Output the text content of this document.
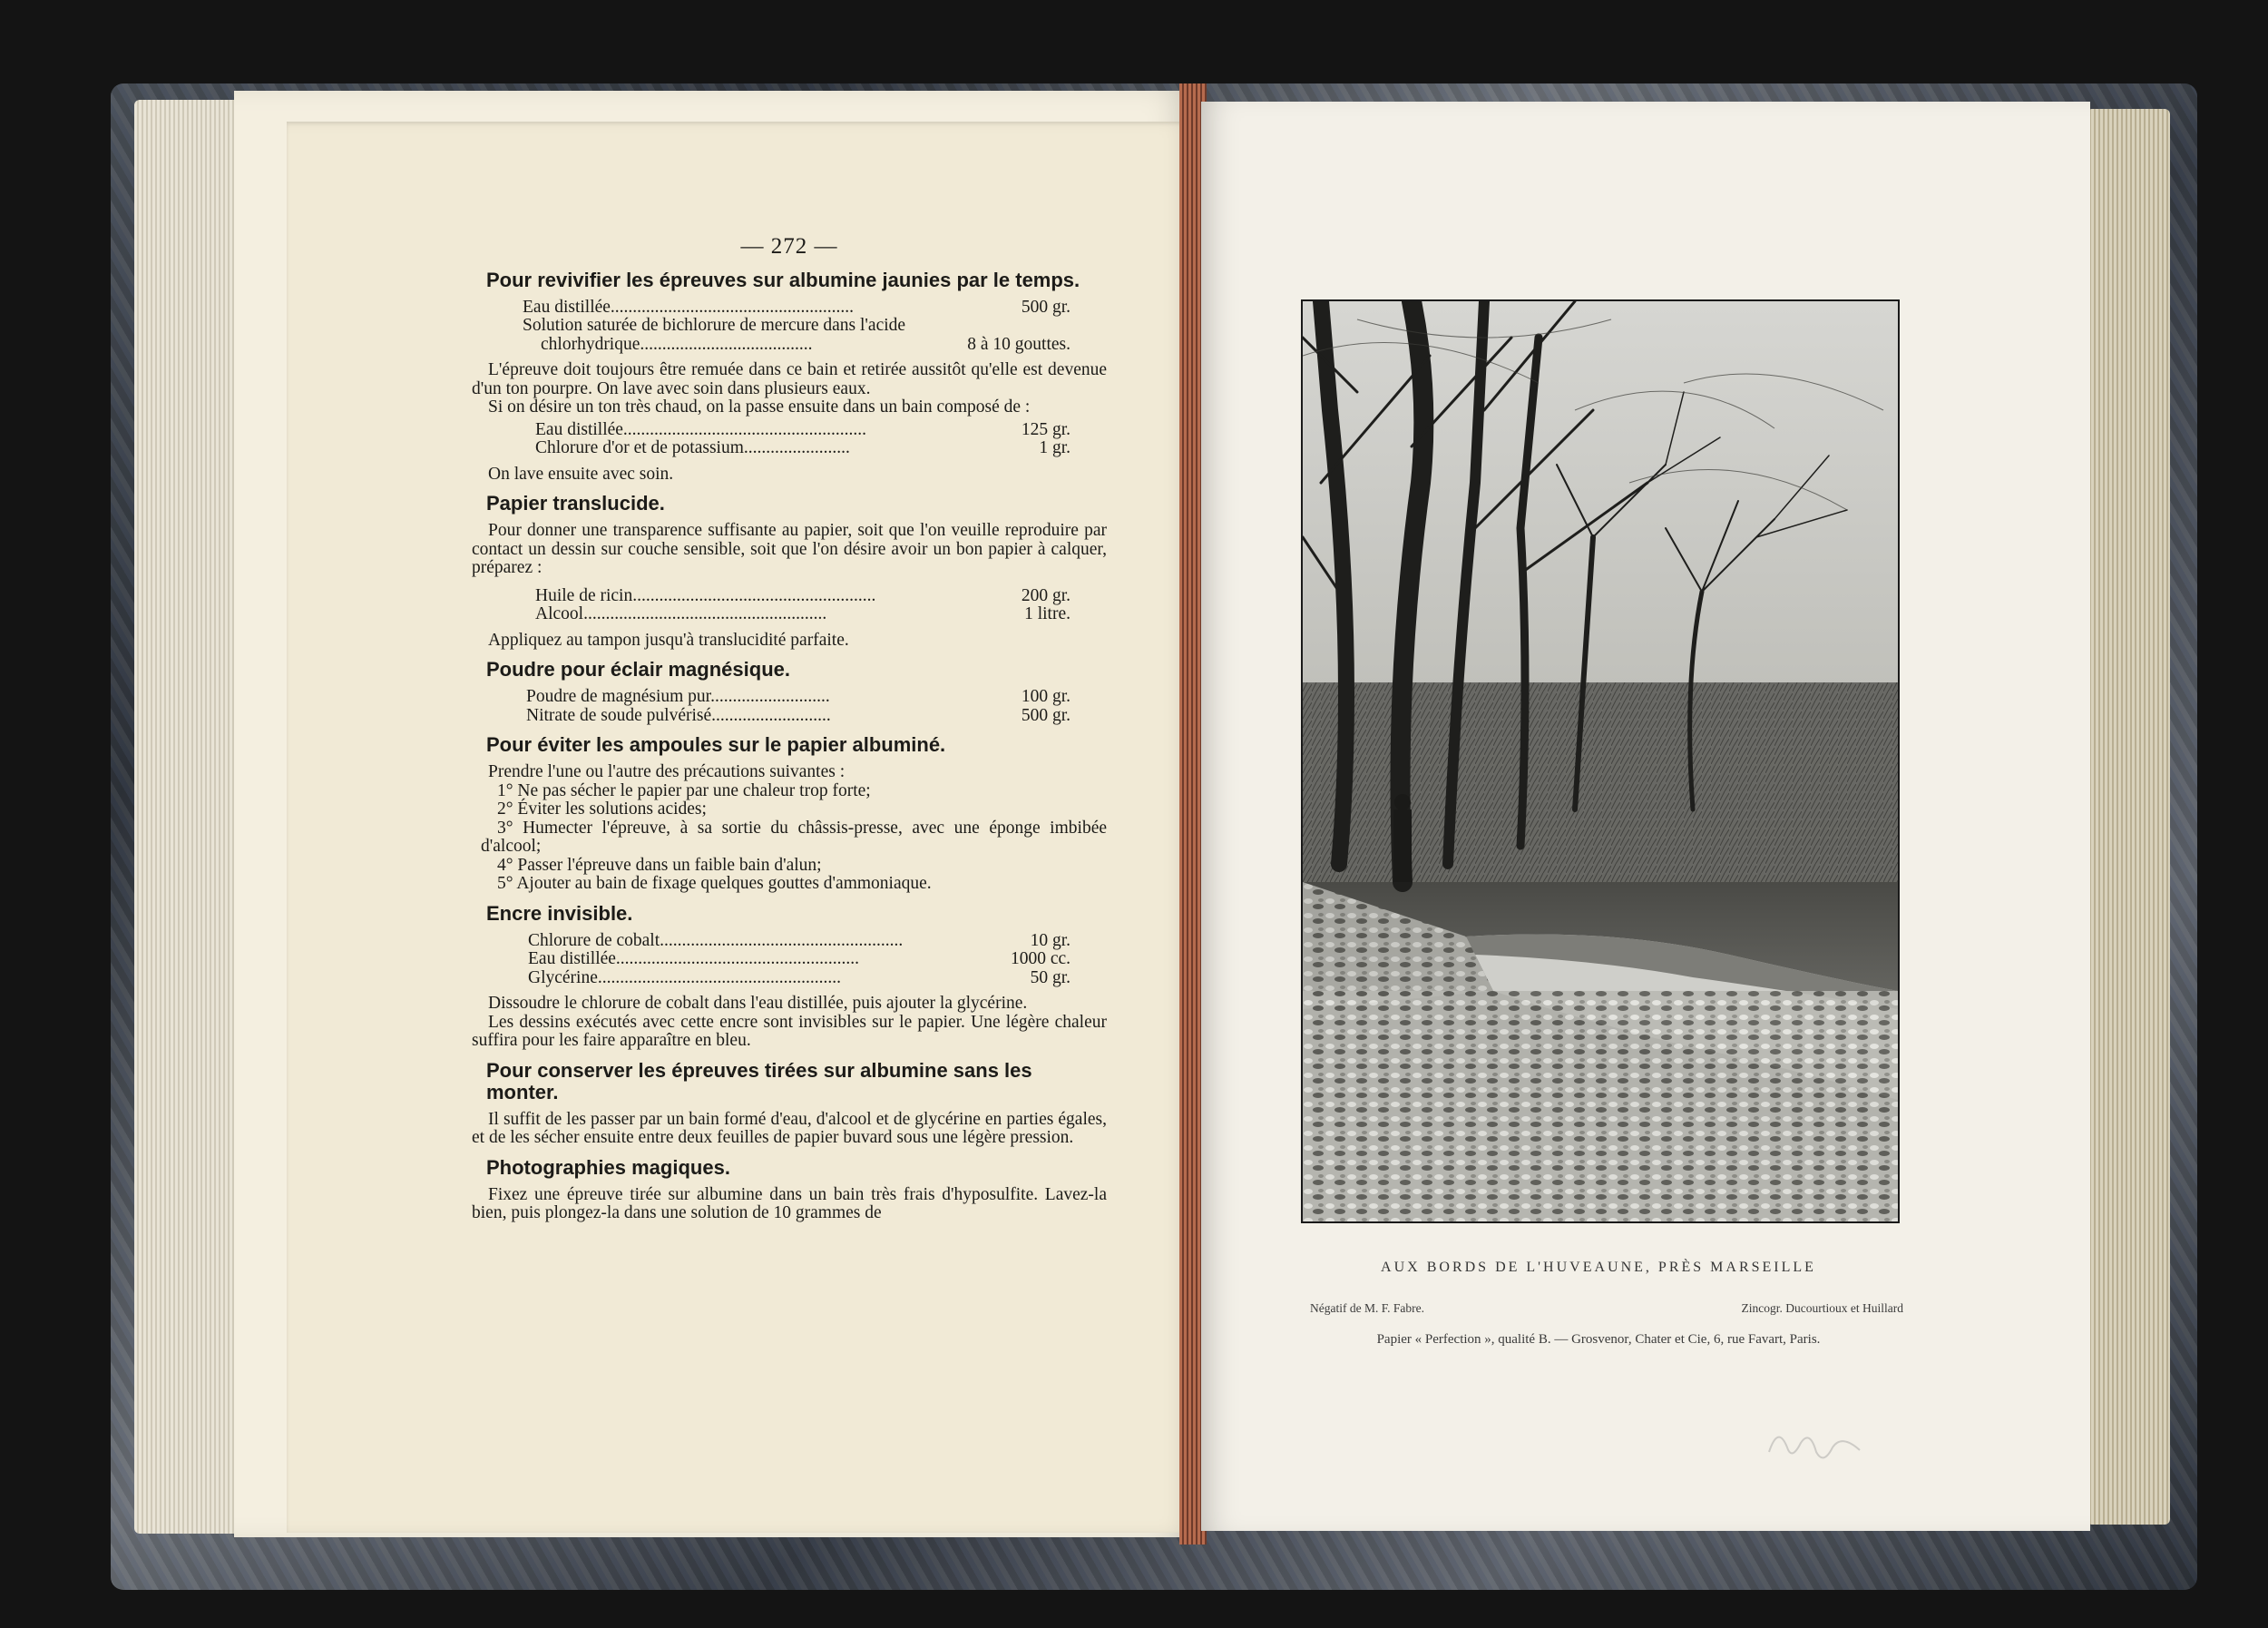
— 272 —
Pour revivifier les épreuves sur albumine jaunies par le temps.
Eau distillée.......................................................	500 gr.
Solution saturée de bichlorure de mercure dans l'acide
chlorhydrique.......................................	8 à 10 gouttes.

L'épreuve doit toujours être remuée dans ce bain et retirée aussitôt qu'elle est devenue d'un ton pourpre. On lave avec soin dans plusieurs eaux.

Si on désire un ton très chaud, on la passe ensuite dans un bain composé de :

Eau distillée.......................................................	125 gr.
Chlorure d'or et de potassium........................	1 gr.

On lave ensuite avec soin.

Papier translucide.

Pour donner une transparence suffisante au papier, soit que l'on veuille reproduire par contact un dessin sur couche sensible, soit que l'on désire avoir un bon papier à calquer, préparez :

Huile de ricin.......................................................	200 gr.
Alcool.......................................................	1 litre.

Appliquez au tampon jusqu'à translucidité parfaite.

Poudre pour éclair magnésique.
Poudre de magnésium pur...........................	100 gr.
Nitrate de soude pulvérisé...........................	500 gr.
Pour éviter les ampoules sur le papier albuminé.

Prendre l'une ou l'autre des précautions suivantes :

1° Ne pas sécher le papier par une chaleur trop forte;

2° Éviter les solutions acides;

3° Humecter l'épreuve, à sa sortie du châssis-presse, avec une éponge imbibée d'alcool;

4° Passer l'épreuve dans un faible bain d'alun;

5° Ajouter au bain de fixage quelques gouttes d'ammoniaque.

Encre invisible.
Chlorure de cobalt.......................................................	10 gr.
Eau distillée.......................................................	1000 cc.
Glycérine.......................................................	50 gr.

Dissoudre le chlorure de cobalt dans l'eau distillée, puis ajouter la glycérine.

Les dessins exécutés avec cette encre sont invisibles sur le papier. Une légère chaleur suffira pour les faire apparaître en bleu.

Pour conserver les épreuves tirées sur albumine sans les monter.

Il suffit de les passer par un bain formé d'eau, d'alcool et de glycérine en parties égales, et de les sécher ensuite entre deux feuilles de papier buvard sous une légère pression.

Photographies magiques.

Fixez une épreuve tirée sur albumine dans un bain très frais d'hyposulfite. Lavez-la bien, puis plongez-la dans une solution de 10 grammes de

AUX BORDS DE L'HUVEAUNE, PRÈS MARSEILLE
Négatif de M. F. Fabre.	Zincogr. Ducourtioux et Huillard
Papier « Perfection », qualité B. — Grosvenor, Chater et Cie, 6, rue Favart, Paris.
